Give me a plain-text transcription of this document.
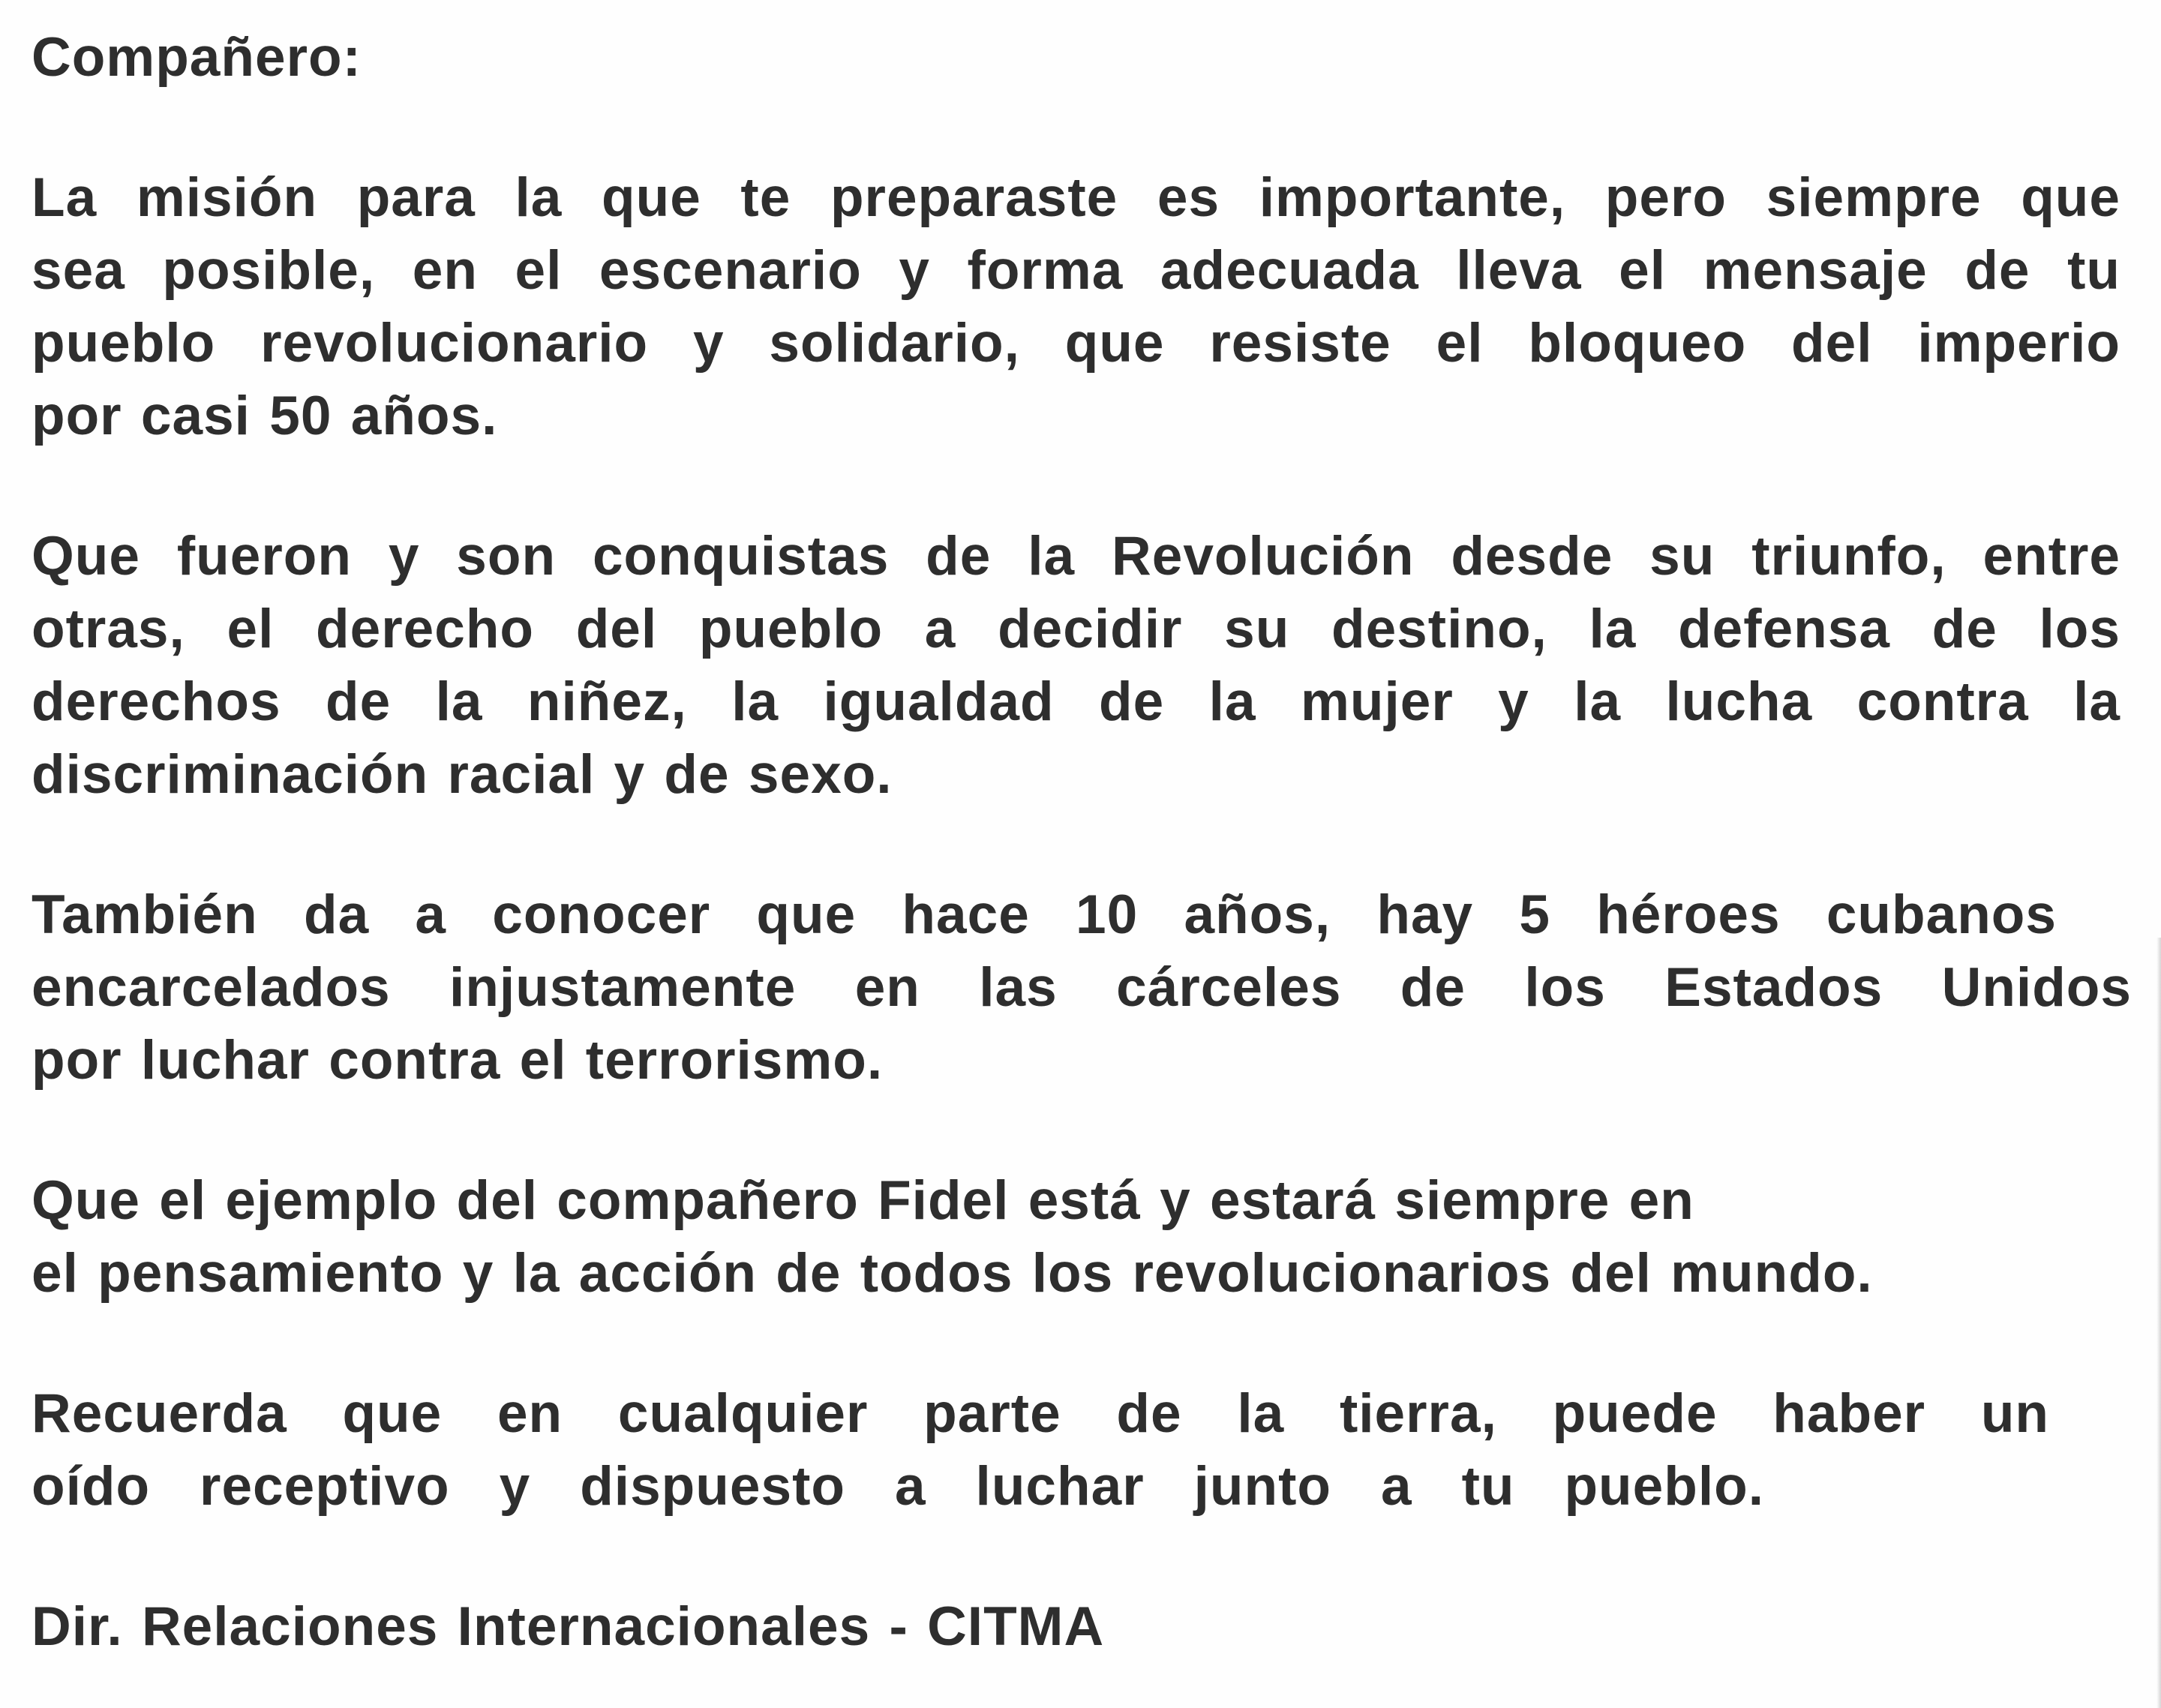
Compañero:
La misión para la que te preparaste es importante, pero siempre que
sea posible, en el escenario y forma adecuada lleva el mensaje de tu
pueblo revolucionario y solidario, que resiste el bloqueo del imperio
por casi 50 años.
Que fueron y son conquistas de la Revolución desde su triunfo, entre
otras, el derecho del pueblo a decidir su destino, la defensa de los
derechos de la niñez, la igualdad de la mujer y la lucha contra la
discriminación racial y de sexo.
También da a conocer que hace 10 años, hay 5 héroes cubanos
encarcelados injustamente en las cárceles de los Estados Unidos
por luchar contra el terrorismo.
Que el ejemplo del compañero Fidel está y estará siempre en
el pensamiento y la acción de todos los revolucionarios del mundo.
Recuerda que en cualquier parte de la tierra, puede haber un
oído receptivo y dispuesto a luchar junto a tu pueblo.
Dir. Relaciones Internacionales - CITMA
